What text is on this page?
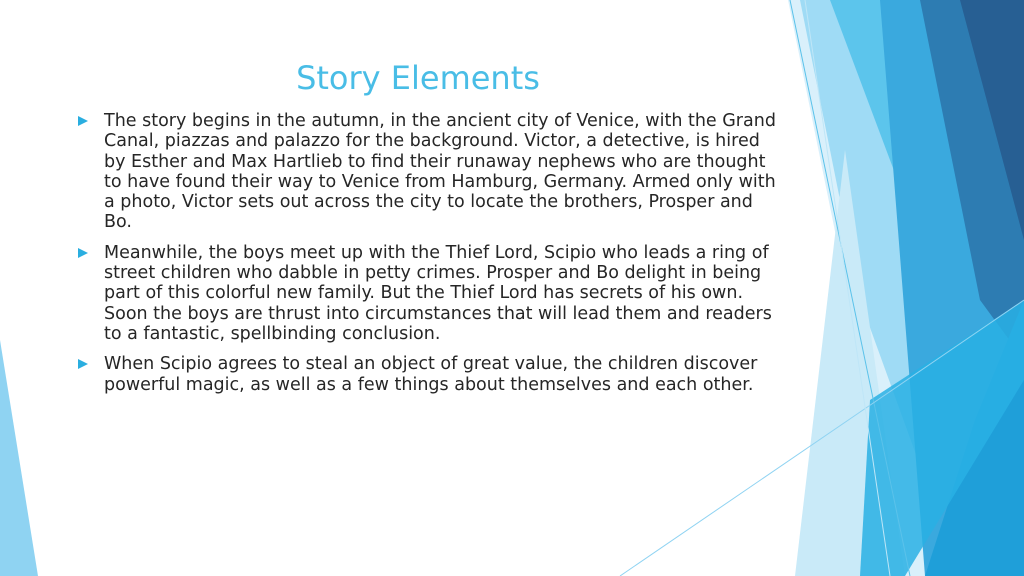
Story Elements
The story begins in the autumn, in the ancient city of Venice, with the Grand Canal, piazzas and palazzo for the background. Victor, a detective, is hired by Esther and Max Hartlieb to find their runaway nephews who are thought to have found their way to Venice from Hamburg, Germany. Armed only with a photo, Victor sets out across the city to locate the brothers, Prosper and Bo.
Meanwhile, the boys meet up with the Thief Lord, Scipio who leads a ring of street children who dabble in petty crimes. Prosper and Bo delight in being part of this colorful new family. But the Thief Lord has secrets of his own. Soon the boys are thrust into circumstances that will lead them and readers to a fantastic, spellbinding conclusion.
When Scipio agrees to steal an object of great value, the children discover powerful magic, as well as a few things about themselves and each other.
